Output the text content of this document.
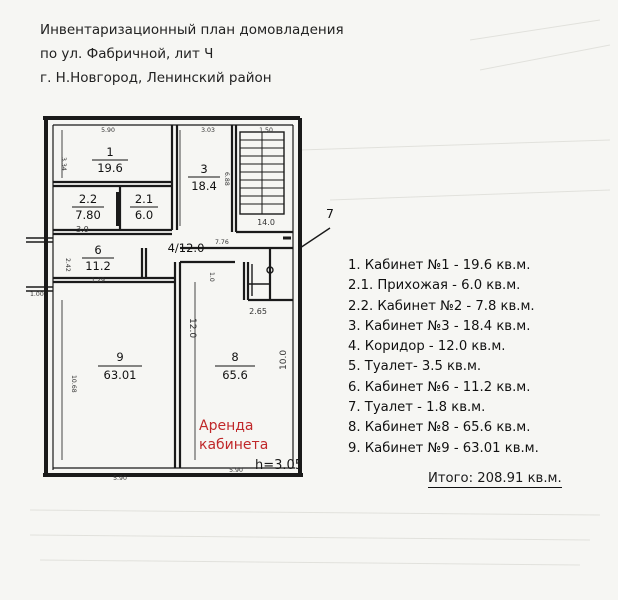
Инвентаризационный план домовладения
по ул. Фабричной, лит Ч
г. Н.Новгород, Ленинский район
1
19.6	3
18.4
2.2
7.80
2.1
6.0
6
11.2
4/12.0
9
63.01
8
65.6
7
5.90	3.03	1.50
3.34
6.88
14.0
3.0
2.42
1.29
1.00
7.76
1.0
2.65
12.0
10.0
10.68
5.90
5.90
Аренда
кабинета
h=3.05
1. Кабинет №1 - 19.6 кв.м.
2.1. Прихожая - 6.0 кв.м.
2.2. Кабинет №2 - 7.8 кв.м.
3. Кабинет №3 - 18.4 кв.м.
4. Коридор - 12.0 кв.м.
5. Туалет- 3.5 кв.м.
6. Кабинет №6 - 11.2 кв.м.
7. Туалет - 1.8 кв.м.
8. Кабинет №8 - 65.6 кв.м.
9. Кабинет №9 - 63.01 кв.м.
Итого: 208.91 кв.м.
